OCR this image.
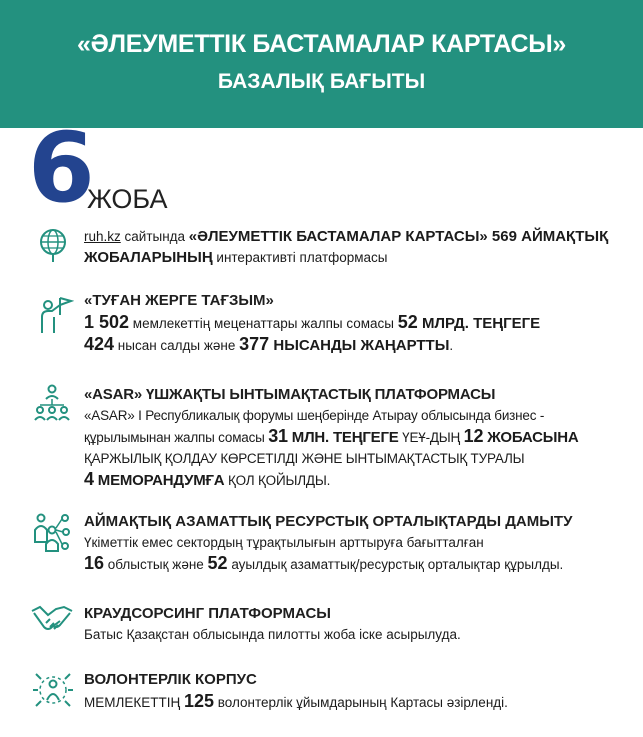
«ӘЛЕУМЕТТІК БАСТАМАЛАР КАРТАСЫ»
БАЗАЛЫҚ БАҒЫТЫ
6
ЖОБА
ruh.kz сайтында «ӘЛЕУМЕТТІК БАСТАМАЛАР КАРТАСЫ» 569 АЙМАҚТЫҚ
ЖОБАЛАРЫНЫҢ интерактивті платформасы
«ТУҒАН ЖЕРГЕ ТАҒЗЫМ»
1 502 мемлекеттің меценаттары жалпы сомасы 52 МЛРД. ТЕҢГЕГЕ
424 нысан салды және 377 НЫСАНДЫ ЖАҢАРТТЫ.
«ASAR» ҮШЖАҚТЫ ЫНТЫМАҚТАСТЫҚ ПЛАТФОРМАСЫ
«ASAR» I Республикалық форумы шеңберінде Атырау облысында бизнес -
құрылымынан жалпы сомасы 31 МЛН. ТЕҢГЕГЕ ҮЕҰ-ДЫҢ 12 ЖОБАСЫНА
ҚАРЖЫЛЫҚ ҚОЛДАУ КӨРСЕТІЛДІ ЖӘНЕ ЫНТЫМАҚТАСТЫҚ ТУРАЛЫ
4 МЕМОРАНДУМҒА ҚОЛ ҚОЙЫЛДЫ.
АЙМАҚТЫҚ АЗАМАТТЫҚ РЕСУРСТЫҚ ОРТАЛЫҚТАРДЫ ДАМЫТУ
Үкіметтік емес сектордың тұрақтылығын арттыруға бағытталған
16 облыстық және 52 ауылдық азаматтық/ресурстық орталықтар құрылды.
КРАУДСОРСИНГ ПЛАТФОРМАСЫ
Батыс Қазақстан облысында пилотты жоба іске асырылуда.
ВОЛОНТЕРЛІК КОРПУС
МЕМЛЕКЕТТІҢ 125 волонтерлік ұйымдарының Картасы әзірленді.
